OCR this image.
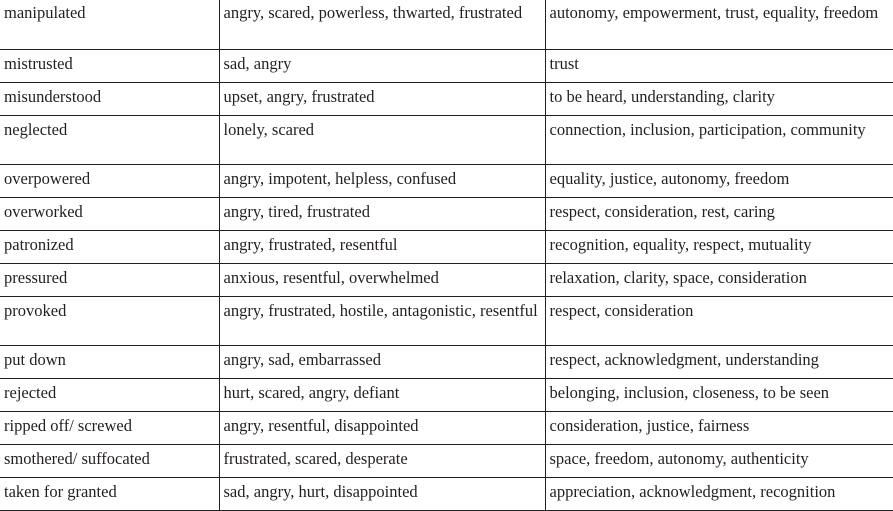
manipulated	angry, scared, powerless, thwarted, frustrated	autonomy, empowerment, trust, equality, freedom
mistrusted	sad, angry	trust
misunderstood	upset, angry, frustrated	to be heard, understanding, clarity
neglected	lonely, scared	connection, inclusion, participation, community
overpowered	angry, impotent, helpless, confused	equality, justice, autonomy, freedom
overworked	angry, tired, frustrated	respect, consideration, rest, caring
patronized	angry, frustrated, resentful	recognition, equality, respect, mutuality
pressured	anxious, resentful, overwhelmed	relaxation, clarity, space, consideration
provoked	angry, frustrated, hostile, antagonistic, resentful	respect, consideration
put down	angry, sad, embarrassed	respect, acknowledgment, understanding
rejected	hurt, scared, angry, defiant	belonging, inclusion, closeness, to be seen
ripped off/ screwed	angry, resentful, disappointed	consideration, justice, fairness
smothered/ suffocated	frustrated, scared, desperate	space, freedom, autonomy, authenticity
taken for granted	sad, angry, hurt, disappointed	appreciation, acknowledgment, recognition
